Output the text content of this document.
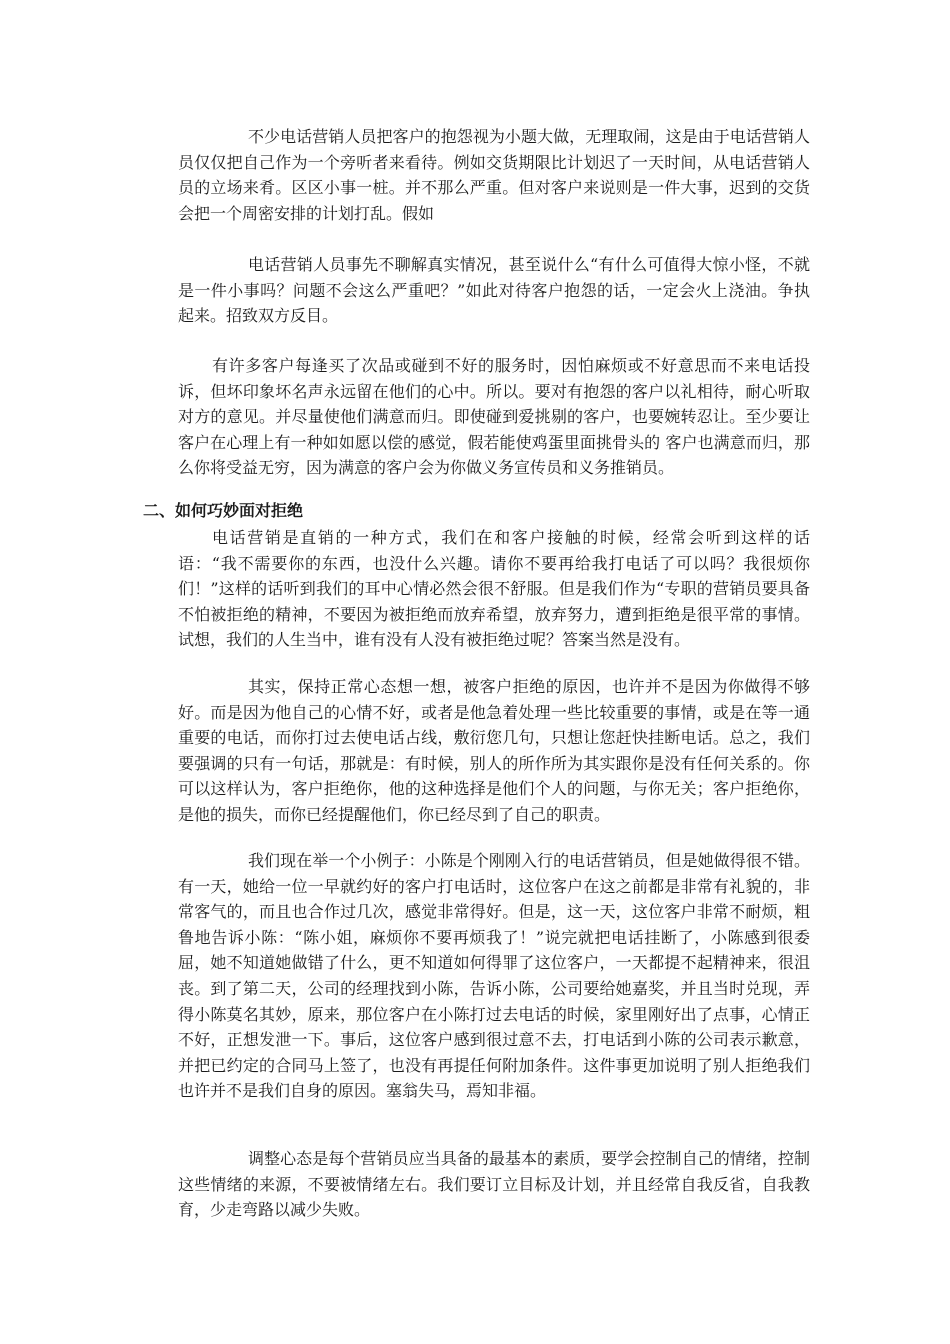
不少电话营销人员把客户的抱怨视为小题大做，无理取闹，这是由于电话营销人员仅仅把自己作为一个旁听者来看待。例如交货期限比计划迟了一天时间，从电话营销人员的立场来肴。区区小事一桩。并不那么严重。但对客户来说则是一件大事，迟到的交货会把一个周密安排的计划打乱。假如

电话营销人员事先不聊解真实情况，甚至说什么“有什么可值得大惊小怪，不就是一件小事吗？问题不会这么严重吧？”如此对待客户抱怨的话，一定会火上浇油。争执起来。招致双方反目。

有许多客户每逢买了次品或碰到不好的服务时，因怕麻烦或不好意思而不来电话投诉，但坏印象坏名声永远留在他们的心中。所以。要对有抱怨的客户以礼相待，耐心听取对方的意见。并尽量使他们满意而归。即使碰到爱挑剔的客户，也要婉转忍让。至少要让客户在心理上有一种如如愿以偿的感觉，假若能使鸡蛋里面挑骨头的 客户也满意而归，那么你将受益无穷，因为满意的客户会为你做义务宣传员和义务推销员。

二、如何巧妙面对拒绝

电话营销是直销的一种方式，我们在和客户接触的时候，经常会听到这样的话语：“我不需要你的东西，也没什么兴趣。请你不要再给我打电话了可以吗？我很烦你们！”这样的话听到我们的耳中心情必然会很不舒服。但是我们作为“专职的营销员要具备不怕被拒绝的精神，不要因为被拒绝而放弃希望，放弃努力，遭到拒绝是很平常的事情。试想，我们的人生当中，谁有没有人没有被拒绝过呢？答案当然是没有。

其实，保持正常心态想一想，被客户拒绝的原因，也许并不是因为你做得不够好。而是因为他自己的心情不好，或者是他急着处理一些比较重要的事情，或是在等一通重要的电话，而你打过去使电话占线，敷衍您几句，只想让您赶快挂断电话。总之，我们要强调的只有一句话，那就是：有时候，别人的所作所为其实跟你是没有任何关系的。你可以这样认为，客户拒绝你，他的这种选择是他们个人的问题，与你无关；客户拒绝你，是他的损失，而你已经提醒他们，你已经尽到了自己的职责。

我们现在举一个小例子：小陈是个刚刚入行的电话营销员，但是她做得很不错。有一天，她给一位一早就约好的客户打电话时，这位客户在这之前都是非常有礼貌的，非常客气的，而且也合作过几次，感觉非常得好。但是，这一天，这位客户非常不耐烦，粗鲁地告诉小陈：“陈小姐，麻烦你不要再烦我了！”说完就把电话挂断了，小陈感到很委屈，她不知道她做错了什么，更不知道如何得罪了这位客户，一天都提不起精神来，很沮丧。到了第二天，公司的经理找到小陈，告诉小陈，公司要给她嘉奖，并且当时兑现，弄得小陈莫名其妙，原来，那位客户在小陈打过去电话的时候，家里刚好出了点事，心情正不好，正想发泄一下。事后，这位客户感到很过意不去，打电话到小陈的公司表示歉意，并把已约定的合同马上签了，也没有再提任何附加条件。这件事更加说明了别人拒绝我们也许并不是我们自身的原因。塞翁失马，焉知非福。

调整心态是每个营销员应当具备的最基本的素质，要学会控制自己的情绪，控制这些情绪的来源，不要被情绪左右。我们要订立目标及计划，并且经常自我反省，自我教育，少走弯路以减少失败。
